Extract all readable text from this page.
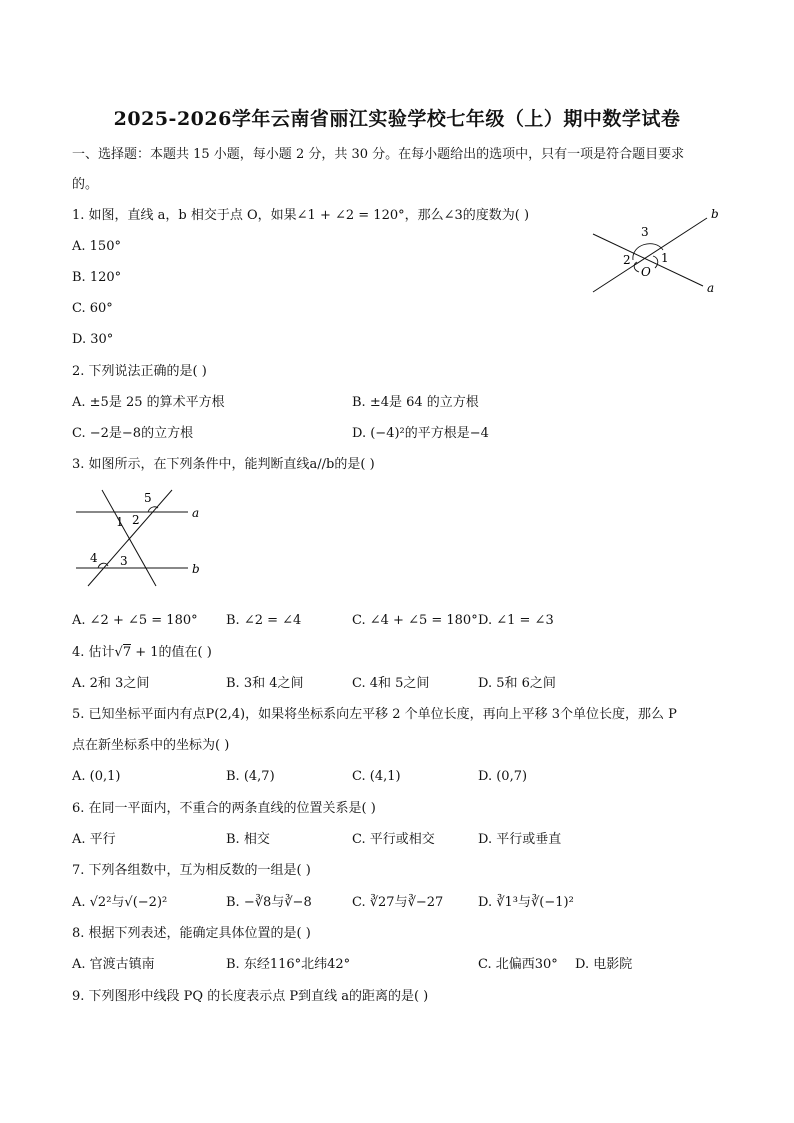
2025-2026学年云南省丽江实验学校七年级（上）期中数学试卷
一、选择题：本题共 15 小题，每小题 2 分，共 30 分。在每小题给出的选项中，只有一项是符合题目要求
的。
1. 如图，直线 a，b 相交于点 O，如果∠1 + ∠2 = 120°，那么∠3的度数为( )
A. 150°
B. 120°
C. 60°
D. 30°
3
2
O
1
b
a
2. 下列说法正确的是( )
A. ±5是 25 的算术平方根	B. ±4是 64 的立方根
C. −2是−8的立方根	D. (−4)²的平方根是−4
3. 如图所示，在下列条件中，能判断直线a//b的是( )
5
1 2	a
4 3
b
A. ∠2 + ∠5 = 180° B. ∠2 = ∠4	C. ∠4 + ∠5 = 180° D. ∠1 = ∠3
4. 估计√7 + 1的值在( )
A. 2和 3之间	B. 3和 4之间	C. 4和 5之间	D. 5和 6之间
5. 已知坐标平面内有点P(2,4)，如果将坐标系向左平移 2 个单位长度，再向上平移 3个单位长度，那么 P
点在新坐标系中的坐标为( )
A. (0,1)	B. (4,7)	C. (4,1)	D. (0,7)
6. 在同一平面内，不重合的两条直线的位置关系是( )
A. 平行	B. 相交	C. 平行或相交	D. 平行或垂直
7. 下列各组数中，互为相反数的一组是( )
A. √2²与√(−2)²	B. −∛8与∛−8	C. ∛27与∛−27	D. ∛1³与∛(−1)²
8. 根据下列表述，能确定具体位置的是( )
A. 官渡古镇南	B. 东经116°北纬42°	C. 北偏西30° D. 电影院
9. 下列图形中线段 PQ 的长度表示点 P到直线 a的距离的是( )
